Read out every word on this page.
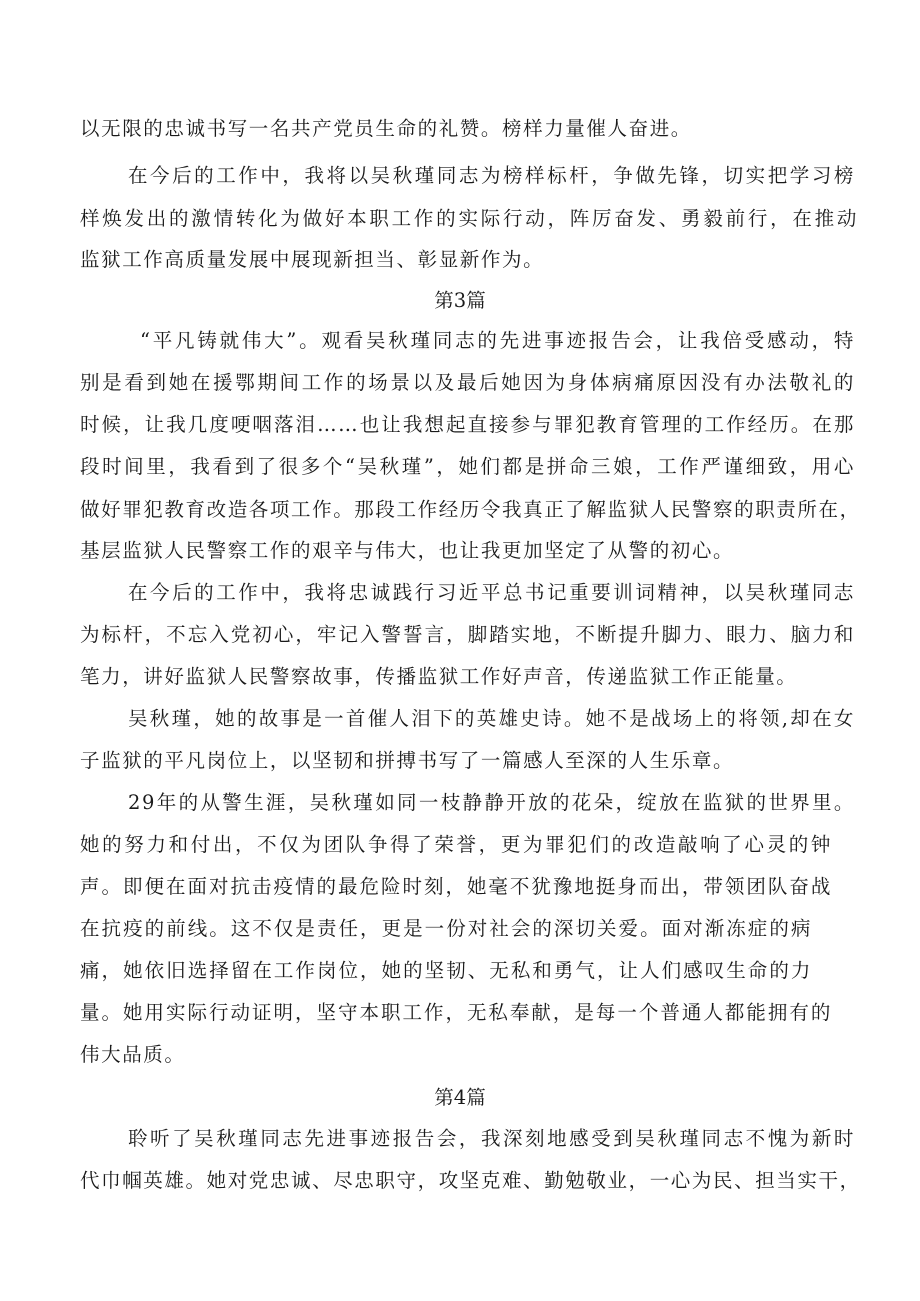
以无限的忠诚书写一名共产党员生命的礼赞。榜样力量催人奋进。
在今后的工作中，我将以吴秋瑾同志为榜样标杆，争做先锋，切实把学习榜
样焕发出的激情转化为做好本职工作的实际行动，阵厉奋发、勇毅前行，在推动
监狱工作高质量发展中展现新担当、彰显新作为。
第3篇
“平凡铸就伟大”。观看吴秋瑾同志的先进事迹报告会，让我倍受感动，特
别是看到她在援鄂期间工作的场景以及最后她因为身体病痛原因没有办法敬礼的
时候，让我几度哽咽落泪……也让我想起直接参与罪犯教育管理的工作经历。在那
段时间里，我看到了很多个“吴秋瑾”，她们都是拼命三娘，工作严谨细致，用心
做好罪犯教育改造各项工作。那段工作经历令我真正了解监狱人民警察的职责所在，
基层监狱人民警察工作的艰辛与伟大，也让我更加坚定了从警的初心。
在今后的工作中，我将忠诚践行习近平总书记重要训词精神，以吴秋瑾同志
为标杆，不忘入党初心，牢记入警誓言，脚踏实地，不断提升脚力、眼力、脑力和
笔力，讲好监狱人民警察故事，传播监狱工作好声音，传递监狱工作正能量。
吴秋瑾，她的故事是一首催人泪下的英雄史诗。她不是战场上的将领,却在女
子监狱的平凡岗位上，以坚韧和拼搏书写了一篇感人至深的人生乐章。
29年的从警生涯，吴秋瑾如同一枝静静开放的花朵，绽放在监狱的世界里。
她的努力和付出，不仅为团队争得了荣誉，更为罪犯们的改造敲响了心灵的钟
声。即便在面对抗击疫情的最危险时刻，她毫不犹豫地挺身而出，带领团队奋战
在抗疫的前线。这不仅是责任，更是一份对社会的深切关爱。面对渐冻症的病
痛，她依旧选择留在工作岗位，她的坚韧、无私和勇气，让人们感叹生命的力
量。她用实际行动证明，坚守本职工作，无私奉献，是每一个普通人都能拥有的
伟大品质。
第4篇
聆听了吴秋瑾同志先进事迹报告会，我深刻地感受到吴秋瑾同志不愧为新时
代巾帼英雄。她对党忠诚、尽忠职守，攻坚克难、勤勉敬业，一心为民、担当实干，
